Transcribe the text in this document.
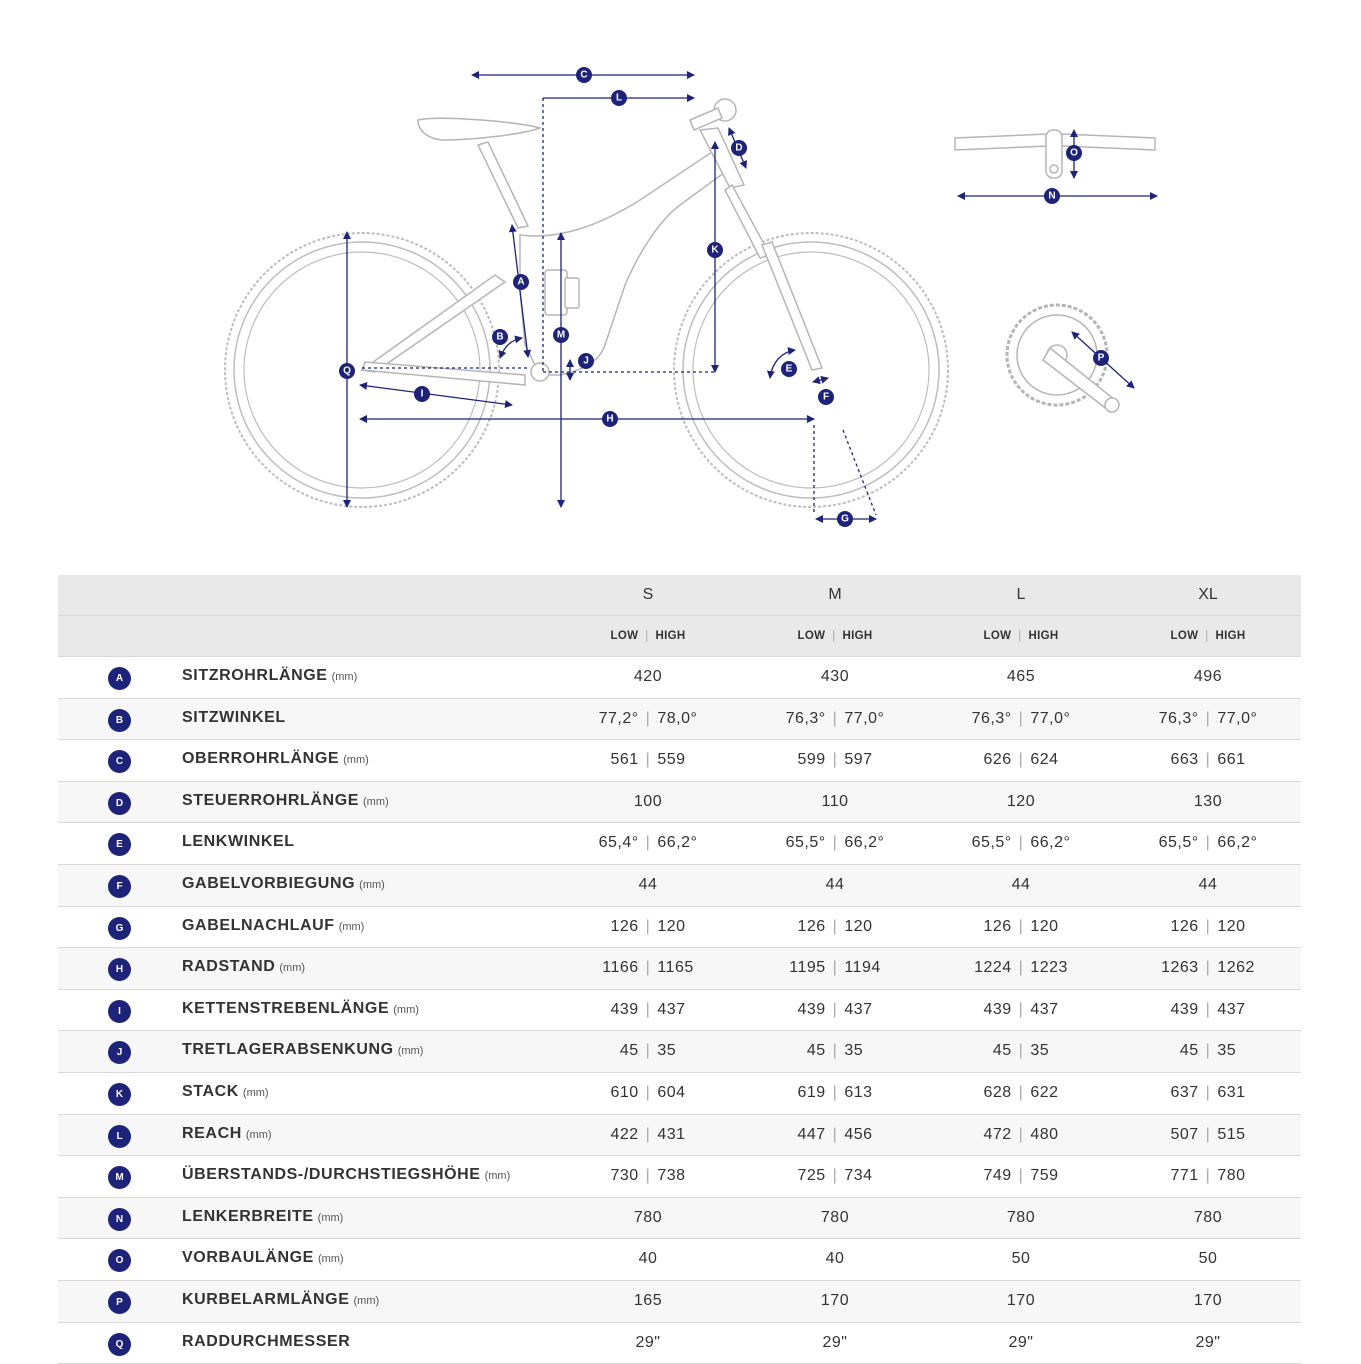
A
B
C
D
E
F
G
H
I
J
K
L
M
N
O
P
Q
S	M	L	XL
LOW | HIGH	LOW | HIGH	LOW | HIGH	LOW | HIGH
A	SITZROHRLÄNGE (mm)	420	430	465	496
B	SITZWINKEL	77,2° | 78,0°	76,3° | 77,0°	76,3° | 77,0°	76,3° | 77,0°
C	OBERROHRLÄNGE (mm)	561 | 559	599 | 597	626 | 624	663 | 661
D	STEUERROHRLÄNGE (mm)	100	110	120	130
E	LENKWINKEL	65,4° | 66,2°	65,5° | 66,2°	65,5° | 66,2°	65,5° | 66,2°
F	GABELVORBIEGUNG (mm)	44	44	44	44
G	GABELNACHLAUF (mm)	126 | 120	126 | 120	126 | 120	126 | 120
H	RADSTAND (mm)	1166 | 1165	1195 | 1194	1224 | 1223	1263 | 1262
I	KETTENSTREBENLÄNGE (mm)	439 | 437	439 | 437	439 | 437	439 | 437
J	TRETLAGERABSENKUNG (mm)	45 | 35	45 | 35	45 | 35	45 | 35
K	STACK (mm)	610 | 604	619 | 613	628 | 622	637 | 631
L	REACH (mm)	422 | 431	447 | 456	472 | 480	507 | 515
M	ÜBERSTANDS-/DURCHSTIEGSHÖHE (mm)	730 | 738	725 | 734	749 | 759	771 | 780
N	LENKERBREITE (mm)	780	780	780	780
O	VORBAULÄNGE (mm)	40	40	50	50
P	KURBELARMLÄNGE (mm)	165	170	170	170
Q	RADDURCHMESSER	29"	29"	29"	29"
